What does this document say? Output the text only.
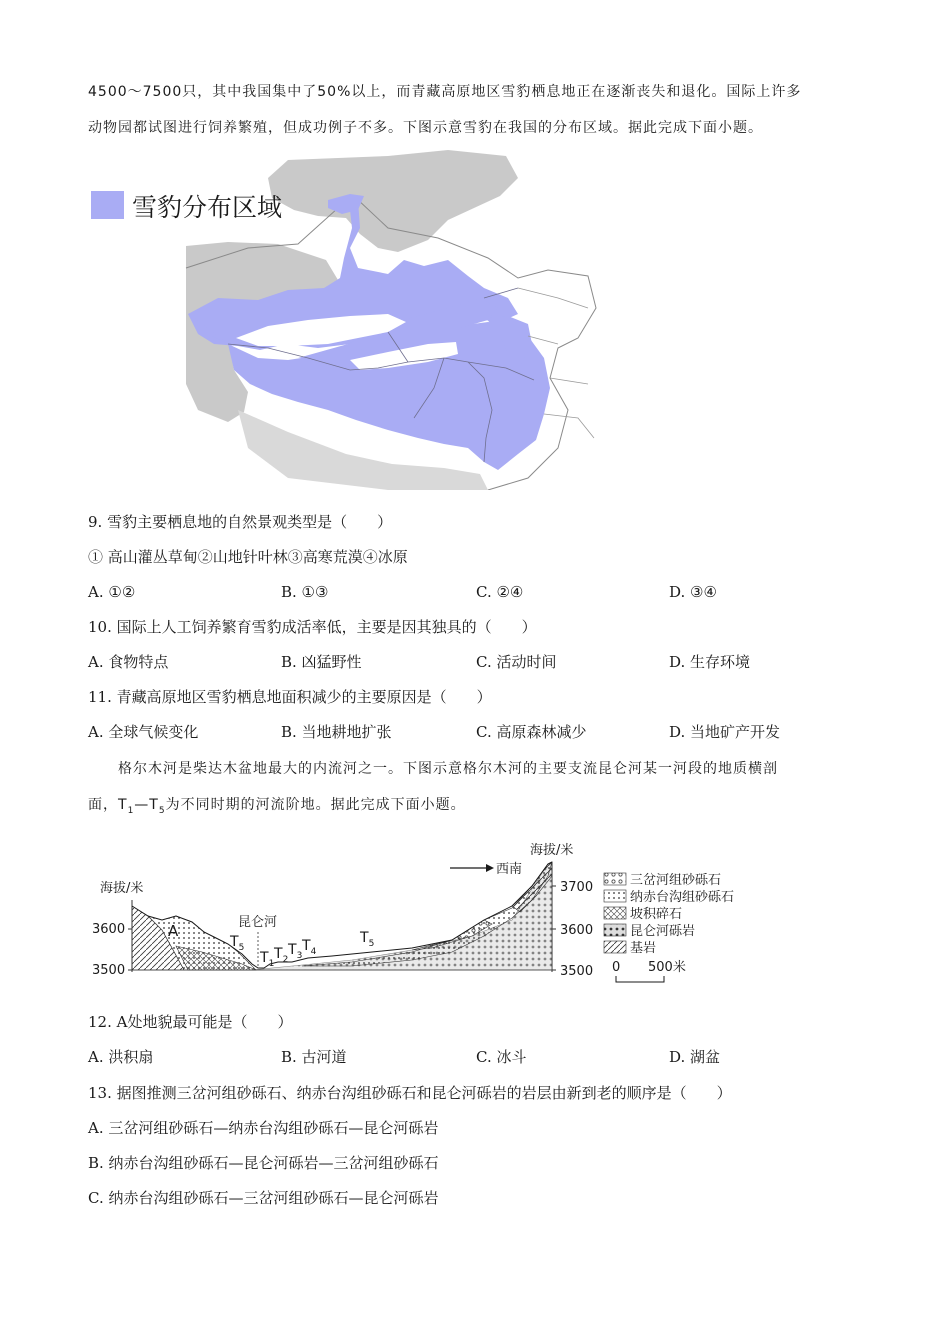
4500～7500只，其中我国集中了50%以上，而青藏高原地区雪豹栖息地正在逐渐丧失和退化。国际上许多
动物园都试图进行饲养繁殖，但成功例子不多。下图示意雪豹在我国的分布区域。据此完成下面小题。
雪豹分布区域
9. 雪豹主要栖息地的自然景观类型是（　　）
① 高山灌丛草甸②山地针叶林③高寒荒漠④冰原
A. ①②	B. ①③	C. ②④	D. ③④
10. 国际上人工饲养繁育雪豹成活率低，主要是因其独具的（　　）
A. 食物特点	B. 凶猛野性	C. 活动时间	D. 生存环境
11. 青藏高原地区雪豹栖息地面积减少的主要原因是（　　）
A. 全球气候变化	B. 当地耕地扩张	C. 高原森林减少	D. 当地矿产开发
格尔木河是柴达木盆地最大的内流河之一。下图示意格尔木河的主要支流昆仑河某一河段的地质横剖
面，$T_1—T_5$为不同时期的河流阶地。据此完成下面小题。
海拔/米
3600
3500
海拔/米
3700
3600
3500
西南
A	昆仑河
$T_5$
$T_1$
$T_2$
$T_3$
$T_4$
$T_5$
三岔河组砂砾石
纳赤台沟组砂砾石
坡积碎石
昆仑河砾岩
基岩
0 500米
12. A处地貌最可能是（　　）
A. 洪积扇	B. 古河道	C. 冰斗	D. 湖盆
13. 据图推测三岔河组砂砾石、纳赤台沟组砂砾石和昆仑河砾岩的岩层由新到老的顺序是（　　）
A. 三岔河组砂砾石—纳赤台沟组砂砾石—昆仑河砾岩
B. 纳赤台沟组砂砾石—昆仑河砾岩—三岔河组砂砾石
C. 纳赤台沟组砂砾石—三岔河组砂砾石—昆仑河砾岩
